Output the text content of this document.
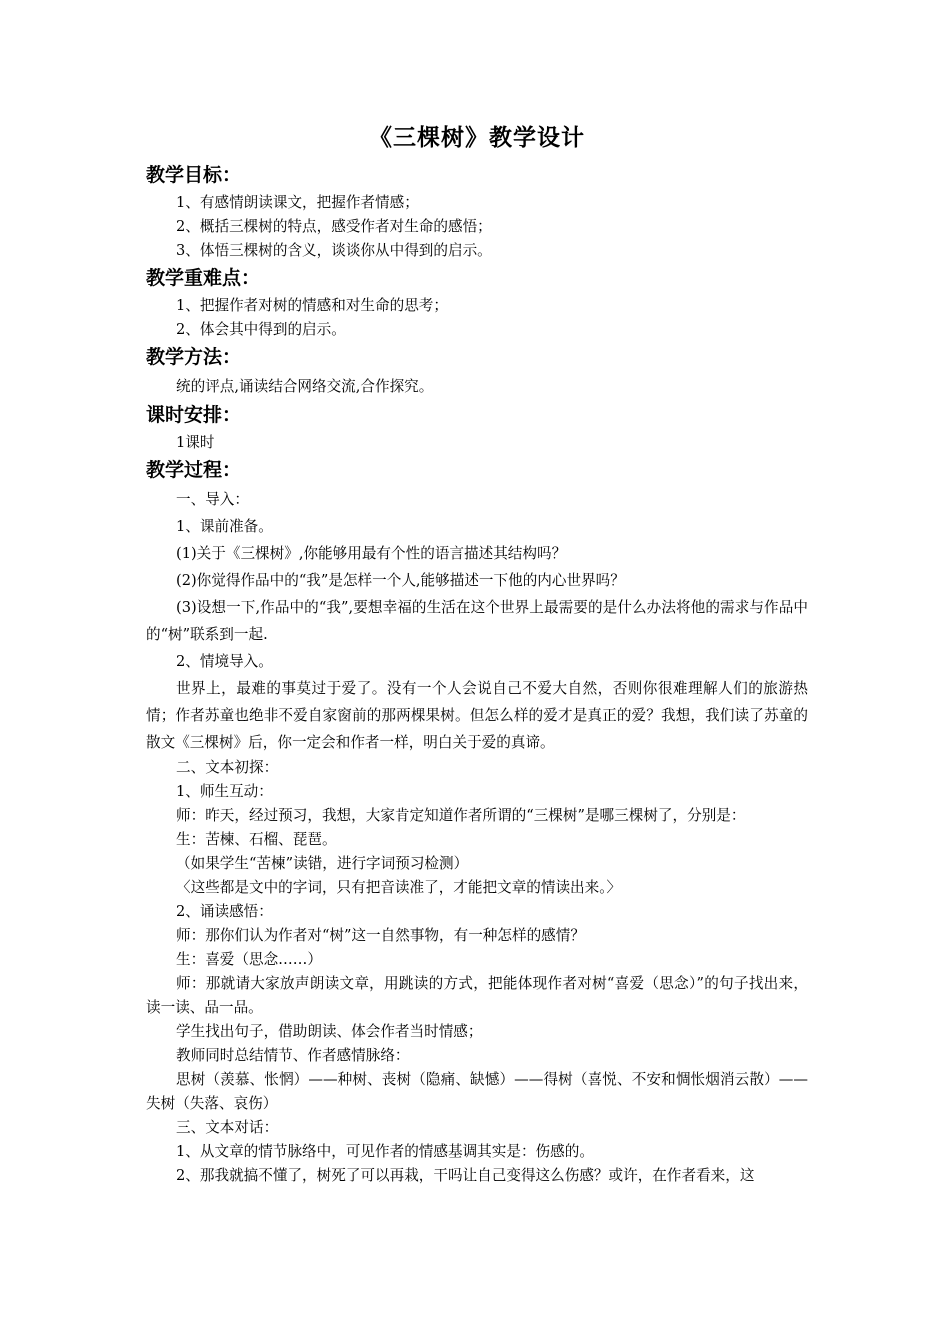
《三棵树》教学设计
教学目标：
1、有感情朗读课文，把握作者情感；
2、概括三棵树的特点，感受作者对生命的感悟；
3、体悟三棵树的含义，谈谈你从中得到的启示。
教学重难点：
1、把握作者对树的情感和对生命的思考；
2、体会其中得到的启示。
教学方法：
统的评点,诵读结合网络交流,合作探究。
课时安排：
1课时
教学过程：
一、导入：
1、课前准备。
(1)关于《三棵树》,你能够用最有个性的语言描述其结构吗？
(2)你觉得作品中的“我”是怎样一个人,能够描述一下他的内心世界吗？
(3)设想一下,作品中的“我”,要想幸福的生活在这个世界上最需要的是什么办法将他的需求与作品中的“树”联系到一起.
2、情境导入。
世界上，最难的事莫过于爱了。没有一个人会说自己不爱大自然，否则你很难理解人们的旅游热情；作者苏童也绝非不爱自家窗前的那两棵果树。但怎么样的爱才是真正的爱？我想，我们读了苏童的散文《三棵树》后，你一定会和作者一样，明白关于爱的真谛。
二、文本初探：
1、师生互动：
师：昨天，经过预习，我想，大家肯定知道作者所谓的“三棵树”是哪三棵树了，分别是：
生：苦楝、石榴、琵琶。
（如果学生“苦楝”读错，进行字词预习检测）
〈这些都是文中的字词，只有把音读准了，才能把文章的情读出来。〉
2、诵读感悟：
师：那你们认为作者对“树”这一自然事物，有一种怎样的感情？
生：喜爱（思念……）
师：那就请大家放声朗读文章，用跳读的方式，把能体现作者对树“喜爱（思念）”的句子找出来，读一读、品一品。
学生找出句子，借助朗读、体会作者当时情感；
教师同时总结情节、作者感情脉络：
思树（羡慕、怅惘）——种树、丧树（隐痛、缺憾）——得树（喜悦、不安和惆怅烟消云散）——失树（失落、哀伤）
三、文本对话：
1、从文章的情节脉络中，可见作者的情感基调其实是：伤感的。
2、那我就搞不懂了，树死了可以再栽，干吗让自己变得这么伤感？或许，在作者看来，这
